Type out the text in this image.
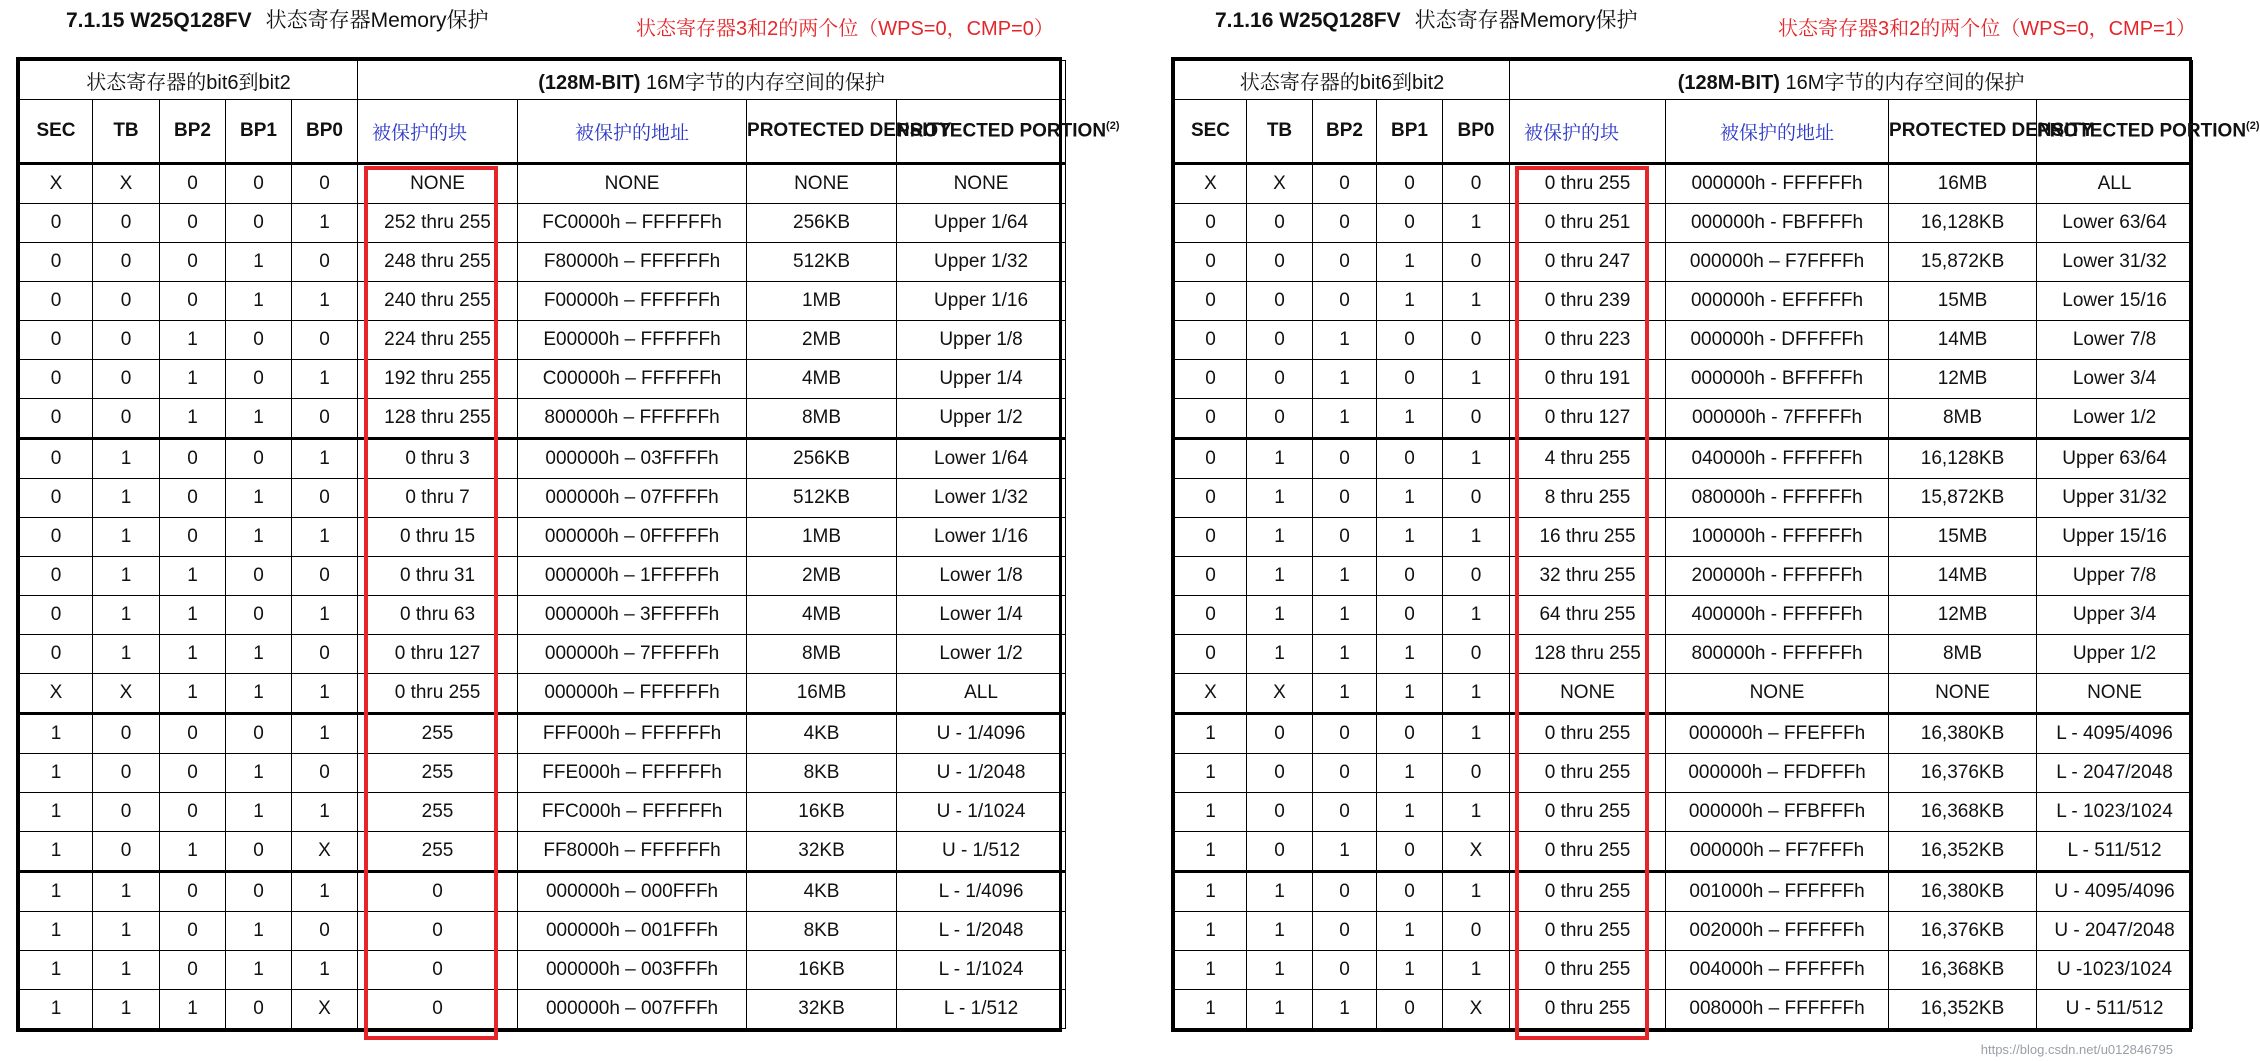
7.1.15 W25Q128FV 状态寄存器Memory保护	状态寄存器3和2的两个位（WPS=0，CMP=0）
状态寄存器的bit6到bit2					(128M-BIT) 16M字节的内存空间的保护			
SEC	TB	BP2	BP1	BP0	被保护的块	被保护的地址	PROTECTED DENSITY	PROTECTED PORTION$^{(2)}$
X	X	0	0	0	NONE	NONE	NONE	NONE
0	0	0	0	1	252 thru 255	FC0000h – FFFFFFh	256KB	Upper 1/64
0	0	0	1	0	248 thru 255	F80000h – FFFFFFh	512KB	Upper 1/32
0	0	0	1	1	240 thru 255	F00000h – FFFFFFh	1MB	Upper 1/16
0	0	1	0	0	224 thru 255	E00000h – FFFFFFh	2MB	Upper 1/8
0	0	1	0	1	192 thru 255	C00000h – FFFFFFh	4MB	Upper 1/4
0	0	1	1	0	128 thru 255	800000h – FFFFFFh	8MB	Upper 1/2
0	1	0	0	1	0 thru 3	000000h – 03FFFFh	256KB	Lower 1/64
0	1	0	1	0	0 thru 7	000000h – 07FFFFh	512KB	Lower 1/32
0	1	0	1	1	0 thru 15	000000h – 0FFFFFh	1MB	Lower 1/16
0	1	1	0	0	0 thru 31	000000h – 1FFFFFh	2MB	Lower 1/8
0	1	1	0	1	0 thru 63	000000h – 3FFFFFh	4MB	Lower 1/4
0	1	1	1	0	0 thru 127	000000h – 7FFFFFh	8MB	Lower 1/2
X	X	1	1	1	0 thru 255	000000h – FFFFFFh	16MB	ALL
1	0	0	0	1	255	FFF000h – FFFFFFh	4KB	U - 1/4096
1	0	0	1	0	255	FFE000h – FFFFFFh	8KB	U - 1/2048
1	0	0	1	1	255	FFC000h – FFFFFFh	16KB	U - 1/1024
1	0	1	0	X	255	FF8000h – FFFFFFh	32KB	U - 1/512
1	1	0	0	1	0	000000h – 000FFFh	4KB	L - 1/4096
1	1	0	1	0	0	000000h – 001FFFh	8KB	L - 1/2048
1	1	0	1	1	0	000000h – 003FFFh	16KB	L - 1/1024
1	1	1	0	X	0	000000h – 007FFFh	32KB	L - 1/512
7.1.16 W25Q128FV 状态寄存器Memory保护	状态寄存器3和2的两个位（WPS=0，CMP=1）
状态寄存器的bit6到bit2					(128M-BIT) 16M字节的内存空间的保护			
SEC	TB	BP2	BP1	BP0	被保护的块	被保护的地址	PROTECTED DENSITY	PROTECTED PORTION$^{(2)}$
X	X	0	0	0	0 thru 255	000000h - FFFFFFh	16MB	ALL
0	0	0	0	1	0 thru 251	000000h - FBFFFFh	16,128KB	Lower 63/64
0	0	0	1	0	0 thru 247	000000h – F7FFFFh	15,872KB	Lower 31/32
0	0	0	1	1	0 thru 239	000000h - EFFFFFh	15MB	Lower 15/16
0	0	1	0	0	0 thru 223	000000h - DFFFFFh	14MB	Lower 7/8
0	0	1	0	1	0 thru 191	000000h - BFFFFFh	12MB	Lower 3/4
0	0	1	1	0	0 thru 127	000000h - 7FFFFFh	8MB	Lower 1/2
0	1	0	0	1	4 thru 255	040000h - FFFFFFh	16,128KB	Upper 63/64
0	1	0	1	0	8 thru 255	080000h - FFFFFFh	15,872KB	Upper 31/32
0	1	0	1	1	16 thru 255	100000h - FFFFFFh	15MB	Upper 15/16
0	1	1	0	0	32 thru 255	200000h - FFFFFFh	14MB	Upper 7/8
0	1	1	0	1	64 thru 255	400000h - FFFFFFh	12MB	Upper 3/4
0	1	1	1	0	128 thru 255	800000h - FFFFFFh	8MB	Upper 1/2
X	X	1	1	1	NONE	NONE	NONE	NONE
1	0	0	0	1	0 thru 255	000000h – FFEFFFh	16,380KB	L - 4095/4096
1	0	0	1	0	0 thru 255	000000h – FFDFFFh	16,376KB	L - 2047/2048
1	0	0	1	1	0 thru 255	000000h – FFBFFFh	16,368KB	L - 1023/1024
1	0	1	0	X	0 thru 255	000000h – FF7FFFh	16,352KB	L - 511/512
1	1	0	0	1	0 thru 255	001000h – FFFFFFh	16,380KB	U - 4095/4096
1	1	0	1	0	0 thru 255	002000h – FFFFFFh	16,376KB	U - 2047/2048
1	1	0	1	1	0 thru 255	004000h – FFFFFFh	16,368KB	U -1023/1024
1	1	1	0	X	0 thru 255	008000h – FFFFFFh	16,352KB	U - 511/512
https://blog.csdn.net/u012846795
